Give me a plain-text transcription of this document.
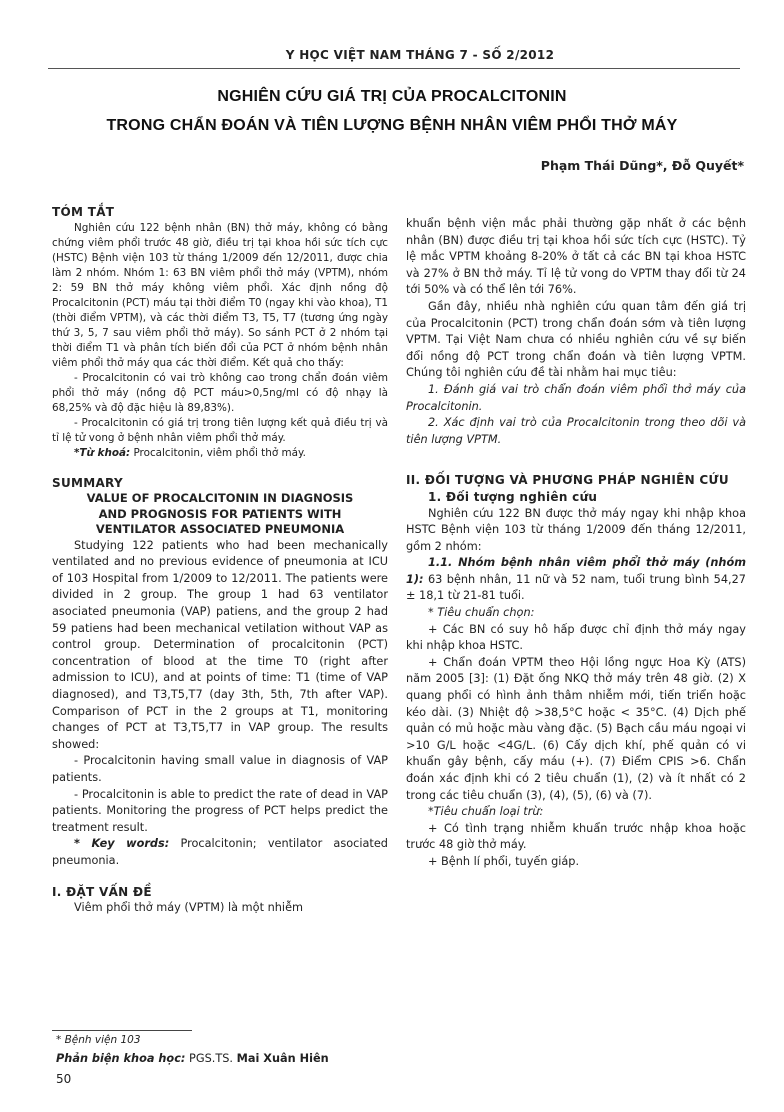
Y HỌC VIỆT NAM THÁNG 7 - SỐ 2/2012
NGHIÊN CỨU GIÁ TRỊ CỦA PROCALCITONIN
TRONG CHẨN ĐOÁN VÀ TIÊN LƯỢNG BỆNH NHÂN VIÊM PHỔI THỞ MÁY
Phạm Thái Dũng*, Đỗ Quyết*

TÓM TẮT

Nghiên cứu 122 bệnh nhân (BN) thở máy, không có bằng chứng viêm phổi trước 48 giờ, điều trị tại khoa hồi sức tích cực (HSTC) Bệnh viện 103 từ tháng 1/2009 đến 12/2011, được chia làm 2 nhóm. Nhóm 1: 63 BN viêm phổi thở máy (VPTM), nhóm 2: 59 BN thở máy không viêm phổi. Xác định nồng độ Procalcitonin (PCT) máu tại thời điểm T0 (ngay khi vào khoa), T1 (thời điểm VPTM), và các thời điểm T3, T5, T7 (tương ứng ngày thứ 3, 5, 7 sau viêm phổi thở máy). So sánh PCT ở 2 nhóm tại thời điểm T1 và phân tích biến đổi của PCT ở nhóm bệnh nhân viêm phổi thở máy qua các thời điểm. Kết quả cho thấy:

- Procalcitonin có vai trò không cao trong chẩn đoán viêm phổi thở máy (nồng độ PCT máu>0,5ng/ml có độ nhạy là 68,25% và độ đặc hiệu là 89,83%).

- Procalcitonin có giá trị trong tiên lượng kết quả điều trị và tỉ lệ tử vong ở bệnh nhân viêm phổi thở máy.

*Từ khoá: Procalcitonin, viêm phổi thở máy.

SUMMARY

VALUE OF PROCALCITONIN IN DIAGNOSIS

AND PROGNOSIS FOR PATIENTS WITH

VENTILATOR ASSOCIATED PNEUMONIA

Studying 122 patients who had been mechanically ventilated and no previous evidence of pneumonia at ICU of 103 Hospital from 1/2009 to 12/2011. The patients were divided in 2 group. The group 1 had 63 ventilator asociated pneumonia (VAP) patiens, and the group 2 had 59 patiens had been mechanical vetilation without VAP as control group. Determination of procalcitonin (PCT) concentration of blood at the time T0 (right after admission to ICU), and at points of time: T1 (time of VAP diagnosed), and T3,T5,T7 (day 3th, 5th, 7th after VAP). Comparison of PCT in the 2 groups at T1, monitoring changes of PCT at T3,T5,T7 in VAP group. The results showed:

- Procalcitonin having small value in diagnosis of VAP patients.

- Procalcitonin is able to predict the rate of dead in VAP patients. Monitoring the progress of PCT helps predict the treatment result.

* Key words: Procalcitonin; ventilator asociated pneumonia.

I. ĐẶT VẤN ĐỀ

Viêm phổi thở máy (VPTM) là một nhiễm

khuẩn bệnh viện mắc phải thường gặp nhất ở các bệnh nhân (BN) được điều trị tại khoa hồi sức tích cực (HSTC). Tỷ lệ mắc VPTM khoảng 8-20% ở tất cả các BN tại khoa HSTC và 27% ở BN thở máy. Tỉ lệ tử vong do VPTM thay đổi từ 24 tới 50% và có thể lên tới 76%.

Gần đây, nhiều nhà nghiên cứu quan tâm đến giá trị của Procalcitonin (PCT) trong chẩn đoán sớm và tiên lượng VPTM. Tại Việt Nam chưa có nhiều nghiên cứu về sự biến đổi nồng độ PCT trong chẩn đoán và tiên lượng VPTM. Chúng tôi nghiên cứu đề tài nhằm hai mục tiêu:

1. Đánh giá vai trò chẩn đoán viêm phổi thở máy của Procalcitonin.

2. Xác định vai trò của Procalcitonin trong theo dõi và tiên lượng VPTM.

II. ĐỐI TƯỢNG VÀ PHƯƠNG PHÁP NGHIÊN CỨU

1. Đối tượng nghiên cứu

Nghiên cứu 122 BN được thở máy ngay khi nhập khoa HSTC Bệnh viện 103 từ tháng 1/2009 đến tháng 12/2011, gồm 2 nhóm:

1.1. Nhóm bệnh nhân viêm phổi thở máy (nhóm 1): 63 bệnh nhân, 11 nữ và 52 nam, tuổi trung bình 54,27 ± 18,1 từ 21-81 tuổi.

* Tiêu chuẩn chọn:

+ Các BN có suy hô hấp được chỉ định thở máy ngay khi nhập khoa HSTC.

+ Chẩn đoán VPTM theo Hội lồng ngực Hoa Kỳ (ATS) năm 2005 [3]: (1) Đặt ống NKQ thở máy trên 48 giờ. (2) X quang phổi có hình ảnh thâm nhiễm mới, tiến triển hoặc kéo dài. (3) Nhiệt độ >38,5°C hoặc < 35°C. (4) Dịch phế quản có mủ hoặc màu vàng đặc. (5) Bạch cầu máu ngoại vi >10 G/L hoặc <4G/L. (6) Cấy dịch khí, phế quản có vi khuẩn gây bệnh, cấy máu (+). (7) Điểm CPIS >6. Chẩn đoán xác định khi có 2 tiêu chuẩn (1), (2) và ít nhất có 2 trong các tiêu chuẩn (3), (4), (5), (6) và (7).

*Tiêu chuẩn loại trừ:

+ Có tình trạng nhiễm khuẩn trước nhập khoa hoặc trước 48 giờ thở máy.

+ Bệnh lí phổi, tuyến giáp.

* Bệnh viện 103
Phản biện khoa học: PGS.TS. Mai Xuân Hiên
50
